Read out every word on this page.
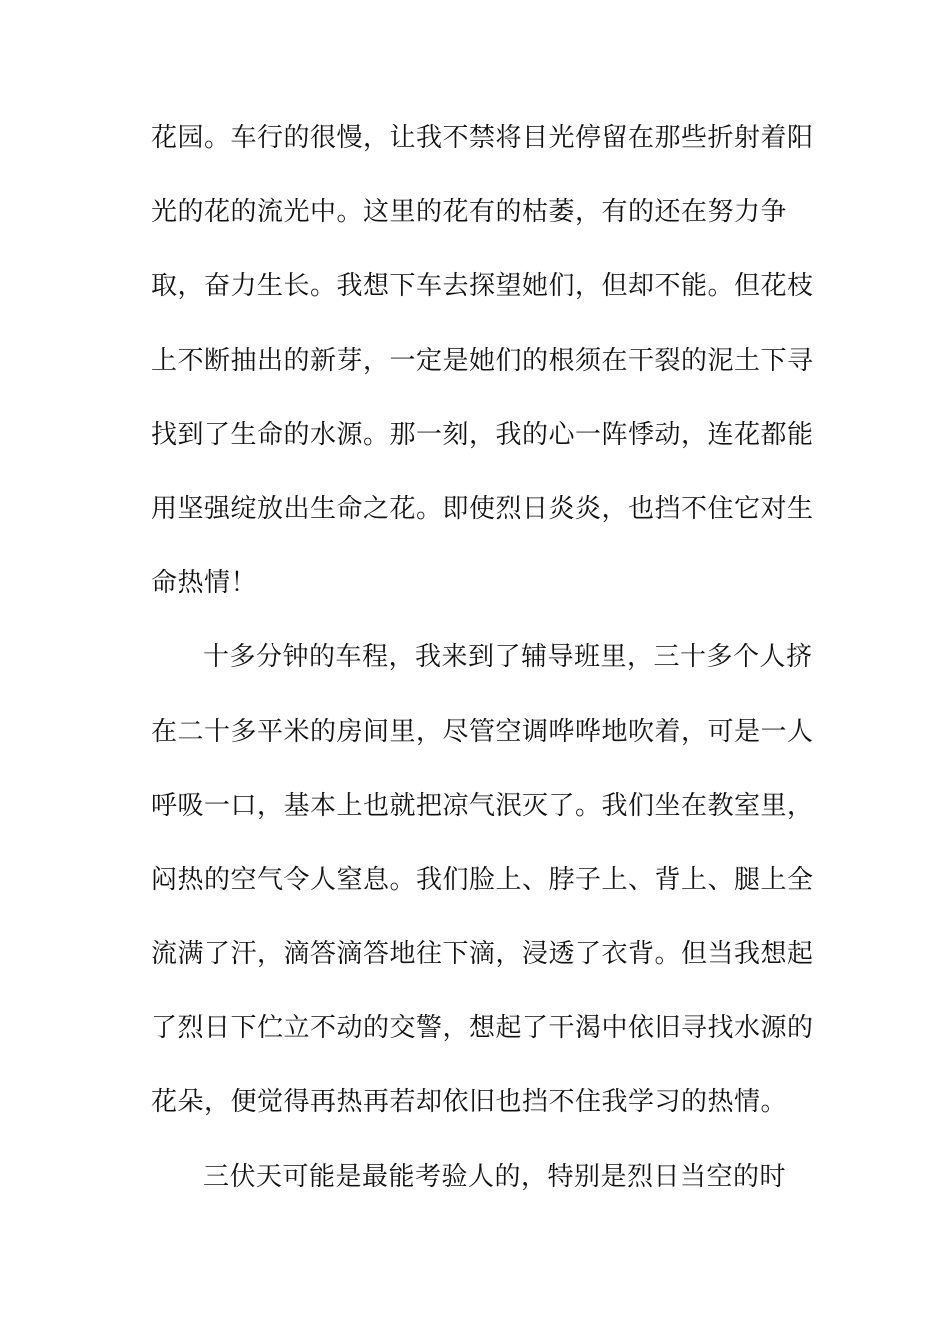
花园。车行的很慢，让我不禁将目光停留在那些折射着阳
光的花的流光中。这里的花有的枯萎，有的还在努力争
取，奋力生长。我想下车去探望她们，但却不能。但花枝
上不断抽出的新芽，一定是她们的根须在干裂的泥土下寻
找到了生命的水源。那一刻，我的心一阵悸动，连花都能
用坚强绽放出生命之花。即使烈日炎炎，也挡不住它对生
命热情！
十多分钟的车程，我来到了辅导班里，三十多个人挤
在二十多平米的房间里，尽管空调哗哗地吹着，可是一人
呼吸一口，基本上也就把凉气泯灭了。我们坐在教室里，
闷热的空气令人窒息。我们脸上、脖子上、背上、腿上全
流满了汗，滴答滴答地往下滴，浸透了衣背。但当我想起
了烈日下伫立不动的交警，想起了干渴中依旧寻找水源的
花朵，便觉得再热再若却依旧也挡不住我学习的热情。
三伏天可能是最能考验人的，特别是烈日当空的时
